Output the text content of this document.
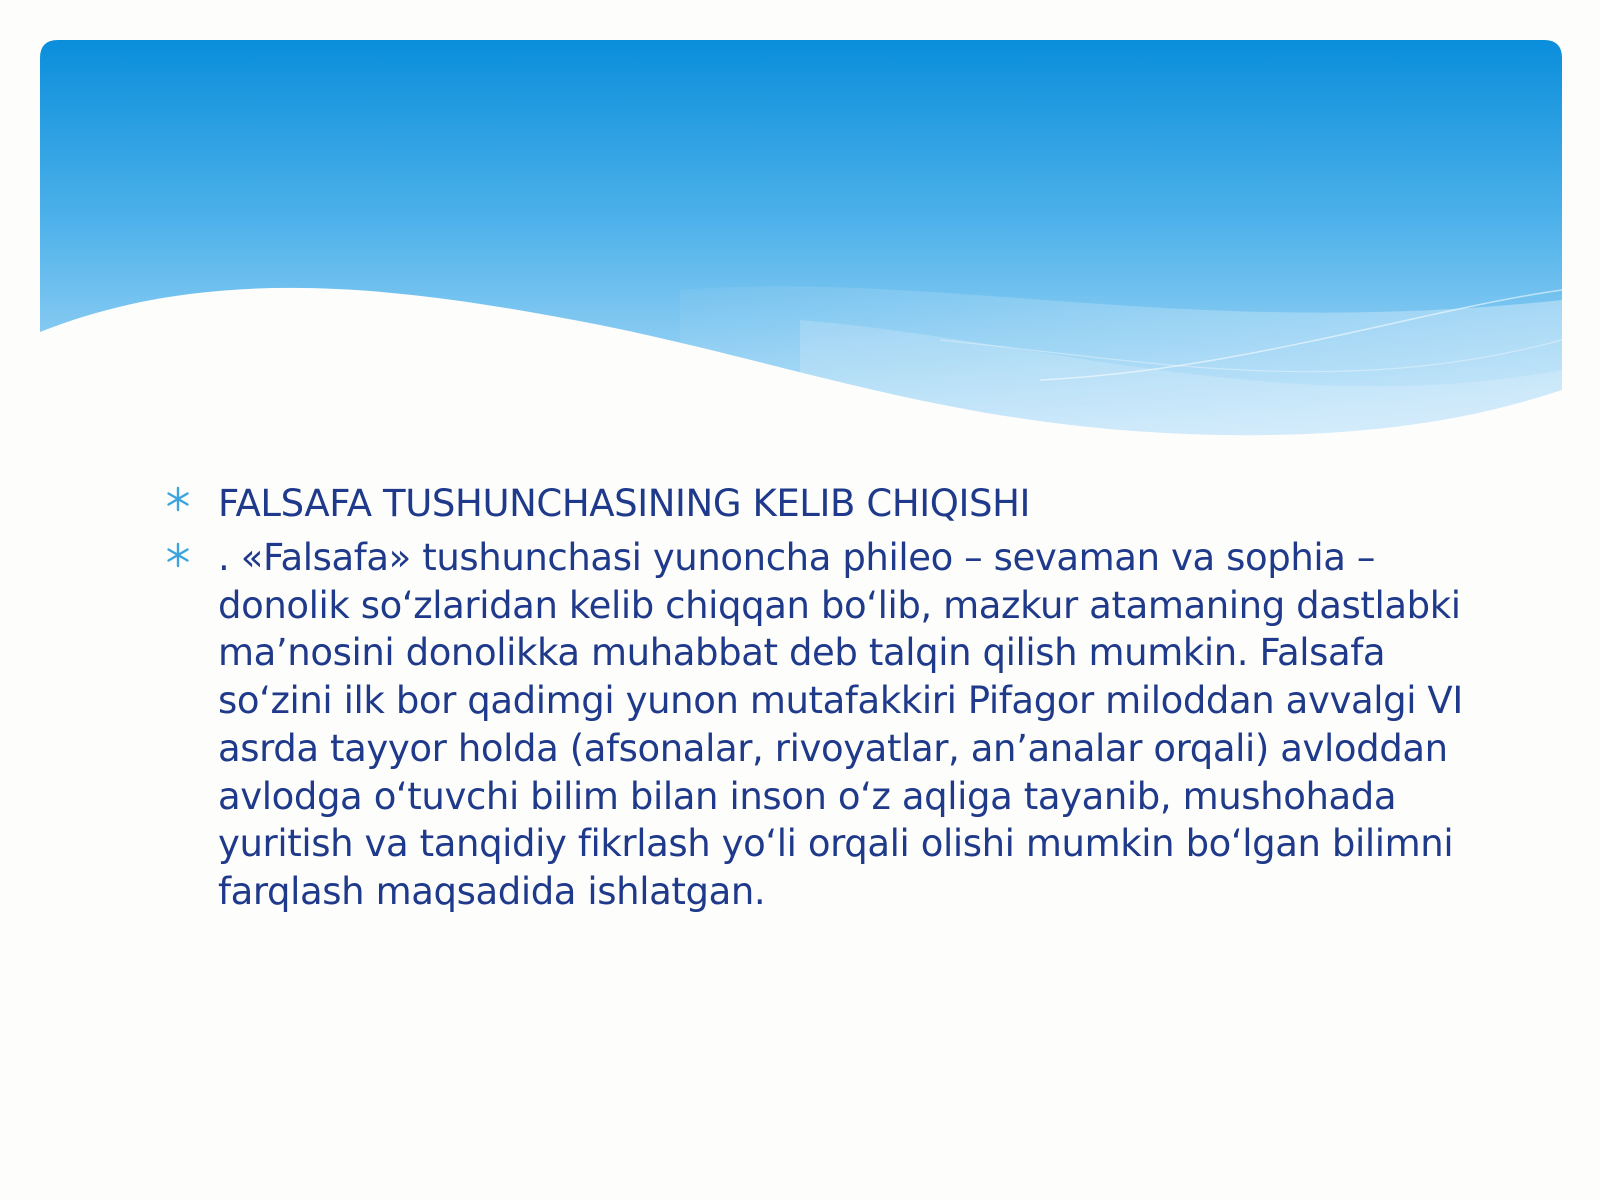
FALSAFA TUSHUNCHASINING KELIB CHIQISHI
. «Falsafa» tushunchasi yunoncha phileo – sevaman va sophia – donolik so‘zlaridan kelib chiqqan bo‘lib, mazkur atamaning dastlabki ma’nosini donolikka muhabbat deb talqin qilish mumkin. Falsafa so‘zini ilk bor qadimgi yunon mutafakkiri Pifagor miloddan avvalgi VI asrda tayyor holda (afsonalar, rivoyatlar, an’analar orqali) avloddan avlodga o‘tuvchi bilim bilan inson o‘z aqliga tayanib, mushohada yuritish va tanqidiy fikrlash yo‘li orqali olishi mumkin bo‘lgan bilimni farqlash maqsadida ishlatgan.
